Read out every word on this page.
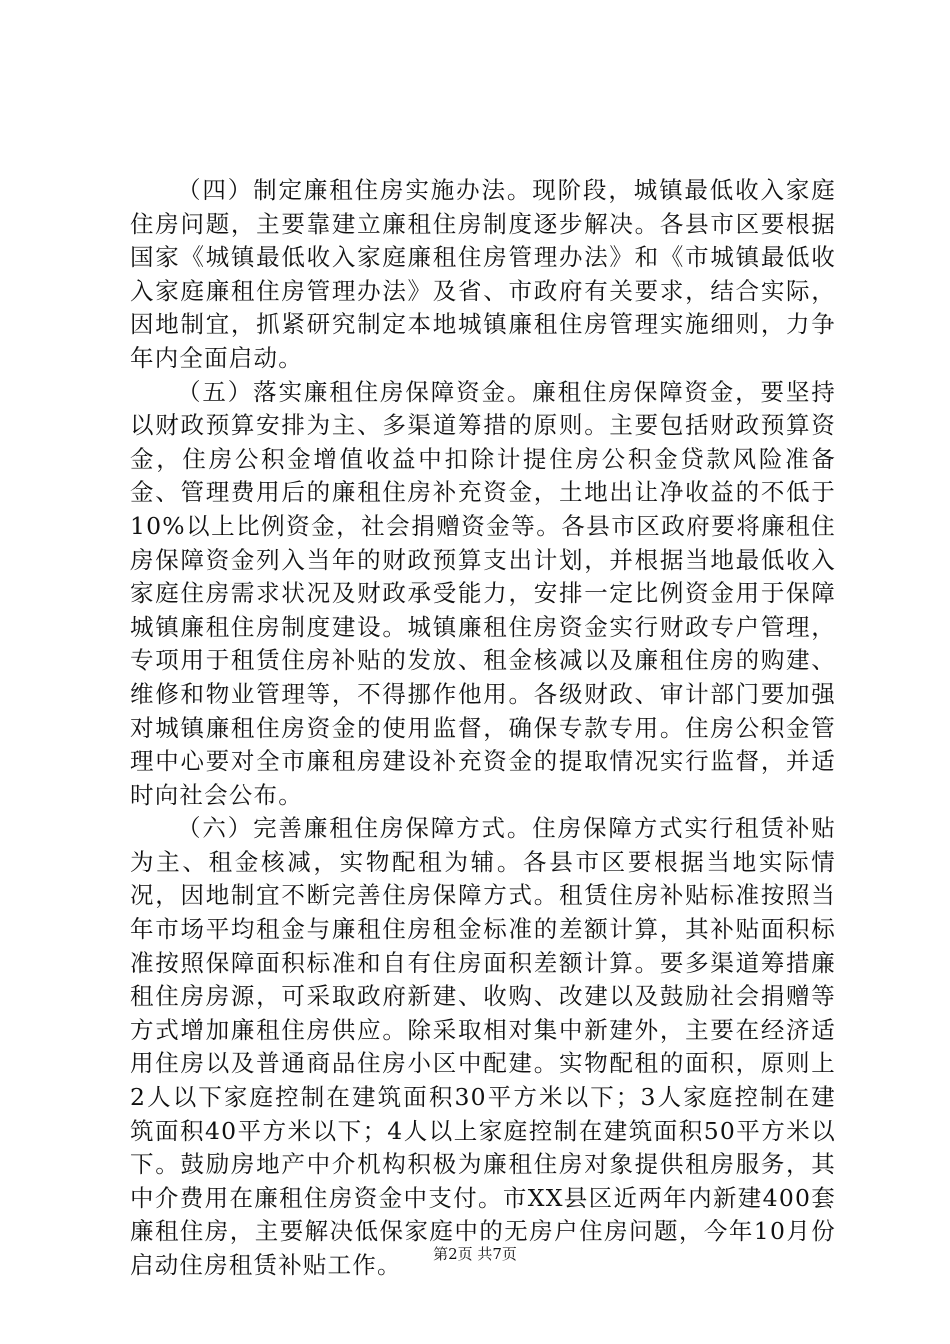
（四）制定廉租住房实施办法。现阶段，城镇最低收入家庭住房问题，主要靠建立廉租住房制度逐步解决。各县市区要根据国家《城镇最低收入家庭廉租住房管理办法》和《市城镇最低收入家庭廉租住房管理办法》及省、市政府有关要求，结合实际，因地制宜，抓紧研究制定本地城镇廉租住房管理实施细则，力争年内全面启动。

（五）落实廉租住房保障资金。廉租住房保障资金，要坚持以财政预算安排为主、多渠道筹措的原则。主要包括财政预算资金，住房公积金增值收益中扣除计提住房公积金贷款风险准备金、管理费用后的廉租住房补充资金，土地出让净收益的不低于10%以上比例资金，社会捐赠资金等。各县市区政府要将廉租住房保障资金列入当年的财政预算支出计划，并根据当地最低收入家庭住房需求状况及财政承受能力，安排一定比例资金用于保障城镇廉租住房制度建设。城镇廉租住房资金实行财政专户管理，专项用于租赁住房补贴的发放、租金核减以及廉租住房的购建、维修和物业管理等，不得挪作他用。各级财政、审计部门要加强对城镇廉租住房资金的使用监督，确保专款专用。住房公积金管理中心要对全市廉租房建设补充资金的提取情况实行监督，并适时向社会公布。

（六）完善廉租住房保障方式。住房保障方式实行租赁补贴为主、租金核减，实物配租为辅。各县市区要根据当地实际情况，因地制宜不断完善住房保障方式。租赁住房补贴标准按照当年市场平均租金与廉租住房租金标准的差额计算，其补贴面积标准按照保障面积标准和自有住房面积差额计算。要多渠道筹措廉租住房房源，可采取政府新建、收购、改建以及鼓励社会捐赠等方式增加廉租住房供应。除采取相对集中新建外，主要在经济适用住房以及普通商品住房小区中配建。实物配租的面积，原则上2人以下家庭控制在建筑面积30平方米以下；3人家庭控制在建筑面积40平方米以下；4人以上家庭控制在建筑面积50平方米以下。鼓励房地产中介机构积极为廉租住房对象提供租房服务，其中介费用在廉租住房资金中支付。市XX县区近两年内新建400套廉租住房，主要解决低保家庭中的无房户住房问题，今年10月份启动住房租赁补贴工作。	第2页 共7页
